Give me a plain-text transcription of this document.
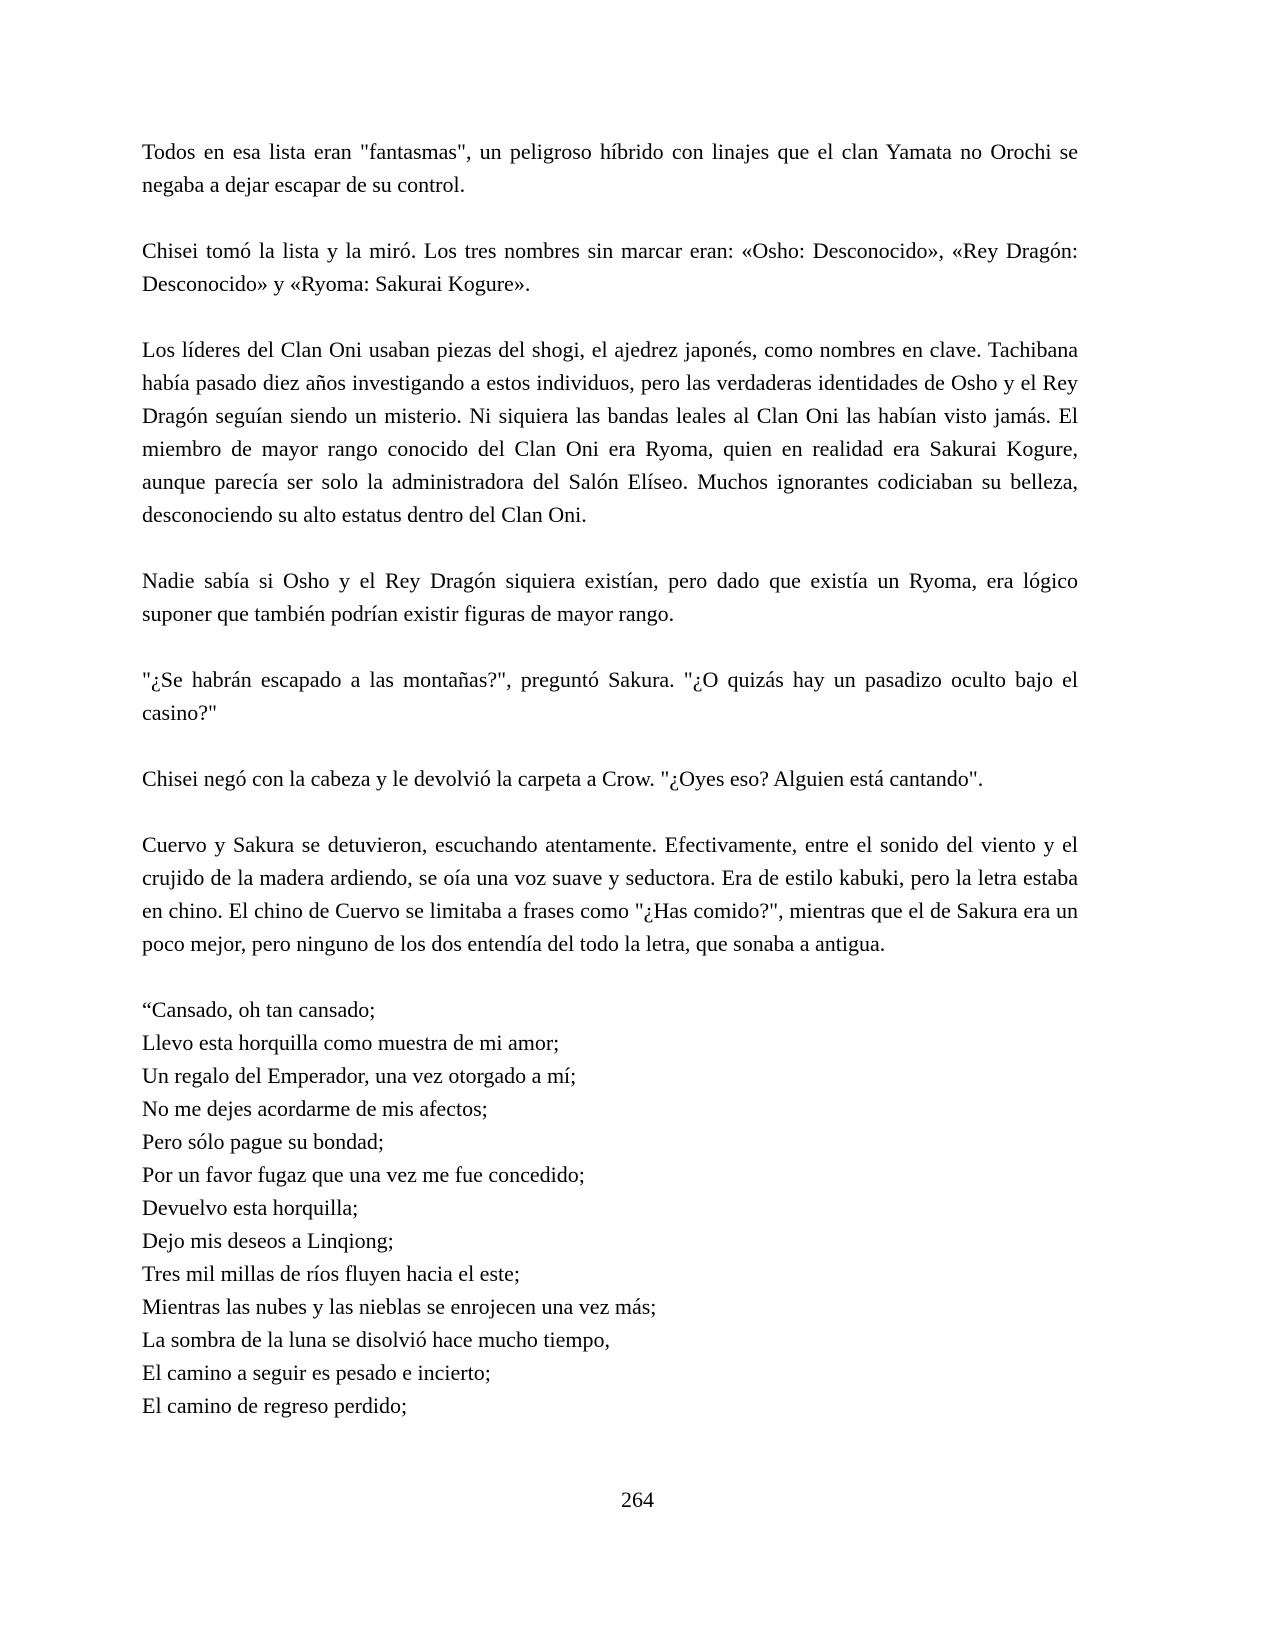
Todos en esa lista eran "fantasmas", un peligroso híbrido con linajes que el clan Yamata no Orochi se negaba a dejar escapar de su control.

Chisei tomó la lista y la miró. Los tres nombres sin marcar eran: «Osho: Desconocido», «Rey Dragón: Desconocido» y «Ryoma: Sakurai Kogure».

Los líderes del Clan Oni usaban piezas del shogi, el ajedrez japonés, como nombres en clave. Tachibana había pasado diez años investigando a estos individuos, pero las verdaderas identidades de Osho y el Rey Dragón seguían siendo un misterio. Ni siquiera las bandas leales al Clan Oni las habían visto jamás. El miembro de mayor rango conocido del Clan Oni era Ryoma, quien en realidad era Sakurai Kogure, aunque parecía ser solo la administradora del Salón Elíseo. Muchos ignorantes codiciaban su belleza, desconociendo su alto estatus dentro del Clan Oni.

Nadie sabía si Osho y el Rey Dragón siquiera existían, pero dado que existía un Ryoma, era lógico suponer que también podrían existir figuras de mayor rango.

"¿Se habrán escapado a las montañas?", preguntó Sakura. "¿O quizás hay un pasadizo oculto bajo el casino?"

Chisei negó con la cabeza y le devolvió la carpeta a Crow. "¿Oyes eso? Alguien está cantando".

Cuervo y Sakura se detuvieron, escuchando atentamente. Efectivamente, entre el sonido del viento y el crujido de la madera ardiendo, se oía una voz suave y seductora. Era de estilo kabuki, pero la letra estaba en chino. El chino de Cuervo se limitaba a frases como "¿Has comido?", mientras que el de Sakura era un poco mejor, pero ninguno de los dos entendía del todo la letra, que sonaba a antigua.

“Cansado, oh tan cansado;
Llevo esta horquilla como muestra de mi amor;
Un regalo del Emperador, una vez otorgado a mí;
No me dejes acordarme de mis afectos;
Pero sólo pague su bondad;
Por un favor fugaz que una vez me fue concedido;
Devuelvo esta horquilla;
Dejo mis deseos a Linqiong;
Tres mil millas de ríos fluyen hacia el este;
Mientras las nubes y las nieblas se enrojecen una vez más;
La sombra de la luna se disolvió hace mucho tiempo,
El camino a seguir es pesado e incierto;
El camino de regreso perdido;
264
